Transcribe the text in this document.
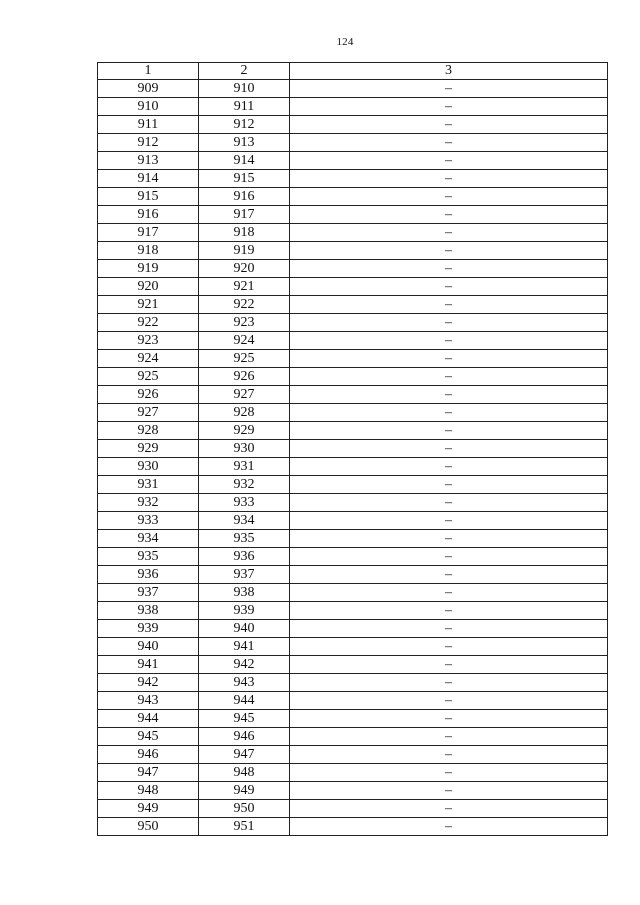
124
1	2	3
909	910	–
910	911	–
911	912	–
912	913	–
913	914	–
914	915	–
915	916	–
916	917	–
917	918	–
918	919	–
919	920	–
920	921	–
921	922	–
922	923	–
923	924	–
924	925	–
925	926	–
926	927	–
927	928	–
928	929	–
929	930	–
930	931	–
931	932	–
932	933	–
933	934	–
934	935	–
935	936	–
936	937	–
937	938	–
938	939	–
939	940	–
940	941	–
941	942	–
942	943	–
943	944	–
944	945	–
945	946	–
946	947	–
947	948	–
948	949	–
949	950	–
950	951	–
